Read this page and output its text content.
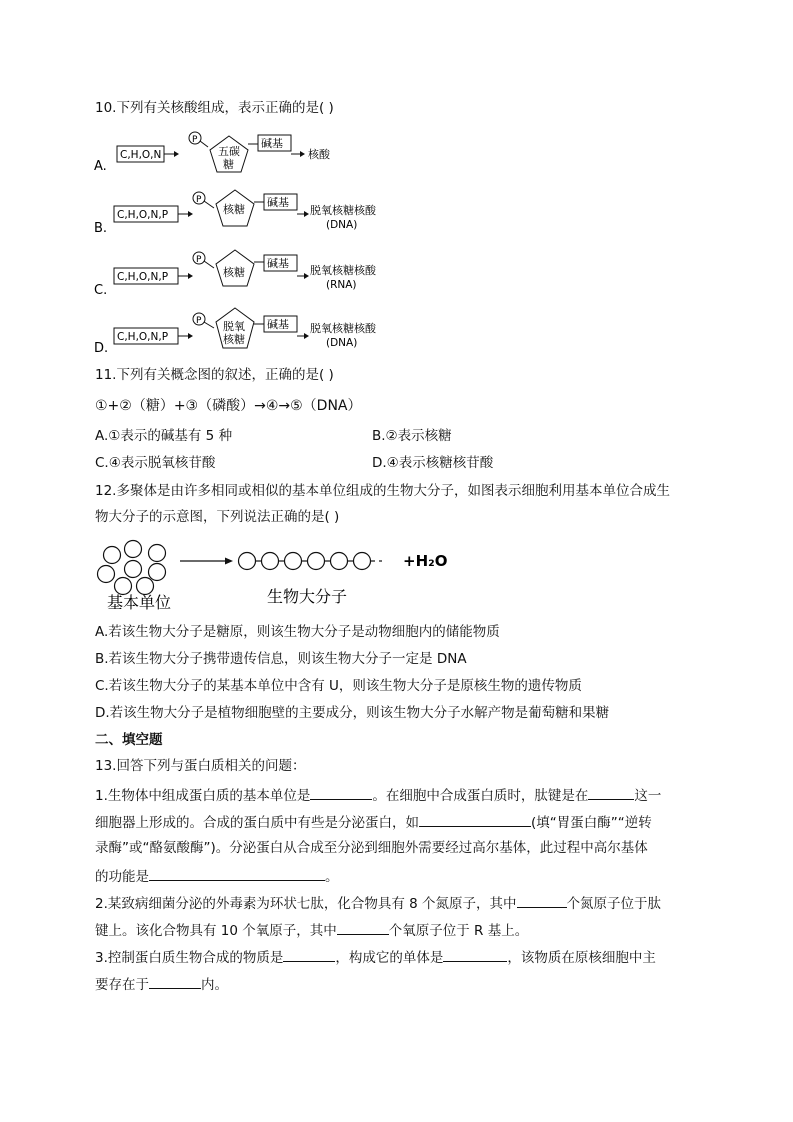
10.下列有关核酸组成，表示正确的是( )
A.
C,H,O,N
P
五碳
糖
碱基
核酸
B.
C,H,O,N,P
P
核糖
碱基
脱氧核糖核酸
(DNA)
C.
C,H,O,N,P
P
核糖
碱基
脱氧核糖核酸
(RNA)
D.
C,H,O,N,P
P 脱氧
核糖
碱基 脱氧核糖核酸
(DNA)
11.下列有关概念图的叙述，正确的是( )
①+②（糖）+③（磷酸）→④→⑤（DNA）
A.①表示的碱基有 5 种	B.②表示核糖
C.④表示脱氧核苷酸	D.④表示核糖核苷酸
12.多聚体是由许多相同或相似的基本单位组成的生物大分子，如图表示细胞利用基本单位合成生
物大分子的示意图，下列说法正确的是( )
+H₂O
基本单位	生物大分子
A.若该生物大分子是糖原，则该生物大分子是动物细胞内的储能物质
B.若该生物大分子携带遗传信息，则该生物大分子一定是 DNA
C.若该生物大分子的某基本单位中含有 U，则该生物大分子是原核生物的遗传物质
D.若该生物大分子是植物细胞壁的主要成分，则该生物大分子水解产物是葡萄糖和果糖
二、填空题
13.回答下列与蛋白质相关的问题：
1.生物体中组成蛋白质的基本单位是	。在细胞中合成蛋白质时，肽键是在	这一
细胞器上形成的。合成的蛋白质中有些是分泌蛋白，如	(填“胃蛋白酶”“逆转
录酶”或“酪氨酸酶”)。分泌蛋白从合成至分泌到细胞外需要经过高尔基体，此过程中高尔基体
的功能是	。
2.某致病细菌分泌的外毒素为环状七肽，化合物具有 8 个氮原子，其中	个氮原子位于肽
键上。该化合物具有 10 个氧原子，其中	个氧原子位于 R 基上。
3.控制蛋白质生物合成的物质是	，构成它的单体是	，该物质在原核细胞中主
要存在于	内。
